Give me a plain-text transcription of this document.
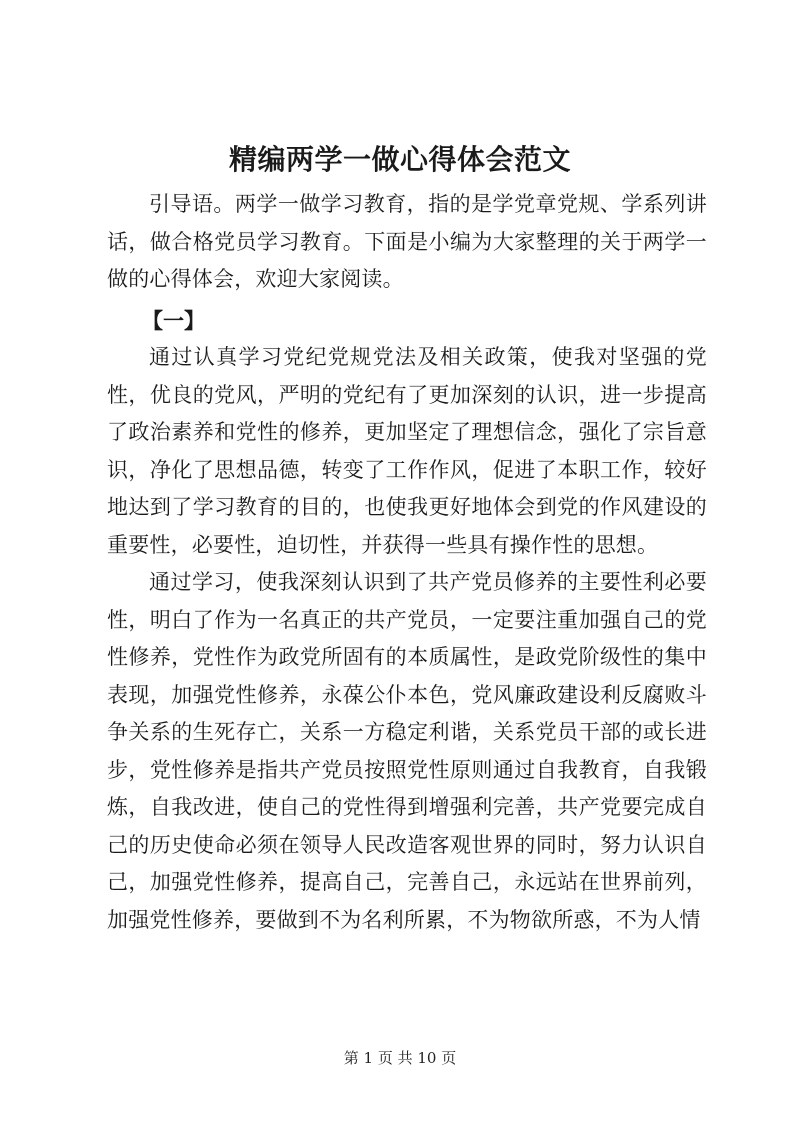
精编两学一做心得体会范文

引导语。两学一做学习教育，指的是学党章党规、学系列讲话，做合格党员学习教育。下面是小编为大家整理的关于两学一做的心得体会，欢迎大家阅读。

【一】

通过认真学习党纪党规党法及相关政策，使我对坚强的党性，优良的党风，严明的党纪有了更加深刻的认识，进一步提高了政治素养和党性的修养，更加坚定了理想信念，强化了宗旨意识，净化了思想品德，转变了工作作风，促进了本职工作，较好地达到了学习教育的目的，也使我更好地体会到党的作风建设的重要性，必要性，迫切性，并获得一些具有操作性的思想。

通过学习，使我深刻认识到了共产党员修养的主要性利必要性，明白了作为一名真正的共产党员，一定要注重加强自己的党性修养，党性作为政党所固有的本质属性，是政党阶级性的集中表现，加强党性修养，永葆公仆本色，党风廉政建设利反腐败斗争关系的生死存亡，关系一方稳定利谐，关系党员干部的或长进步，党性修养是指共产党员按照党性原则通过自我教育，自我锻炼，自我改进，使自己的党性得到增强利完善，共产党要完成自己的历史使命必须在领导人民改造客观世界的同时，努力认识自己，加强党性修养，提高自己，完善自己，永远站在世界前列，加强党性修养，要做到不为名利所累，不为物欲所惑，不为人情

第 1 页 共 10 页
